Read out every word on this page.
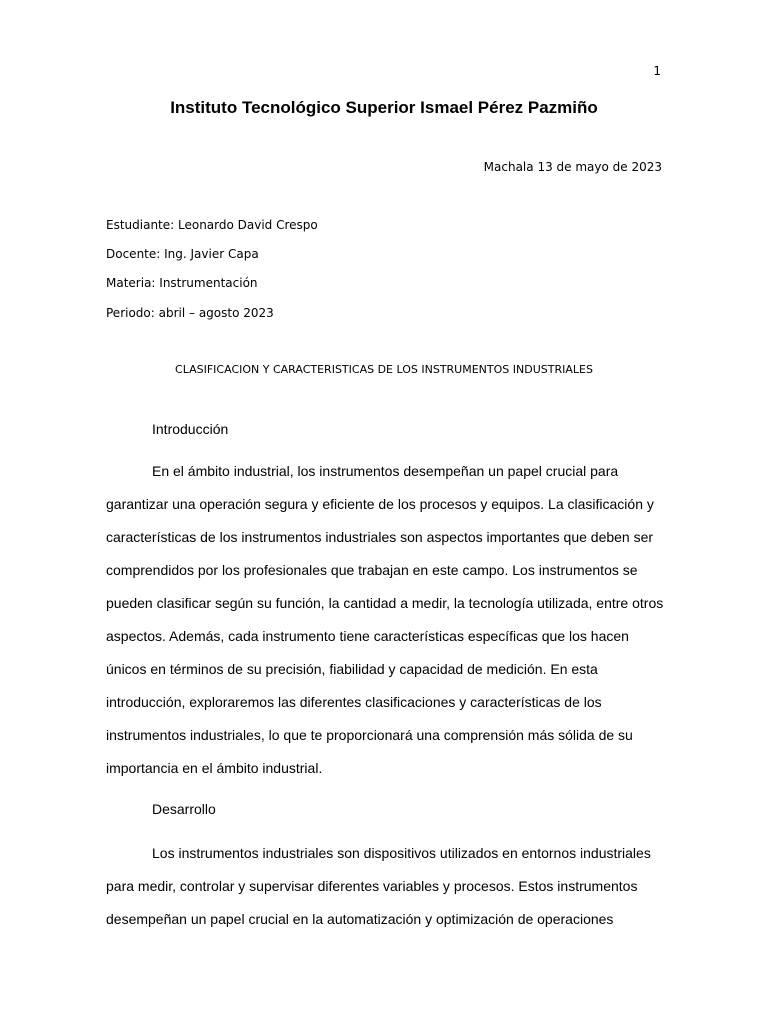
1
Instituto Tecnológico Superior Ismael Pérez Pazmiño
Machala 13 de mayo de 2023
Estudiante: Leonardo David Crespo
Docente: Ing. Javier Capa
Materia: Instrumentación
Periodo: abril – agosto 2023
CLASIFICACION Y CARACTERISTICAS DE LOS INSTRUMENTOS INDUSTRIALES
Introducción

En el ámbito industrial, los instrumentos desempeñan un papel crucial para
garantizar una operación segura y eficiente de los procesos y equipos. La clasificación y
características de los instrumentos industriales son aspectos importantes que deben ser
comprendidos por los profesionales que trabajan en este campo. Los instrumentos se
pueden clasificar según su función, la cantidad a medir, la tecnología utilizada, entre otros
aspectos. Además, cada instrumento tiene características específicas que los hacen
únicos en términos de su precisión, fiabilidad y capacidad de medición. En esta
introducción, exploraremos las diferentes clasificaciones y características de los
instrumentos industriales, lo que te proporcionará una comprensión más sólida de su
importancia en el ámbito industrial.

Desarrollo

Los instrumentos industriales son dispositivos utilizados en entornos industriales
para medir, controlar y supervisar diferentes variables y procesos. Estos instrumentos
desempeñan un papel crucial en la automatización y optimización de operaciones
